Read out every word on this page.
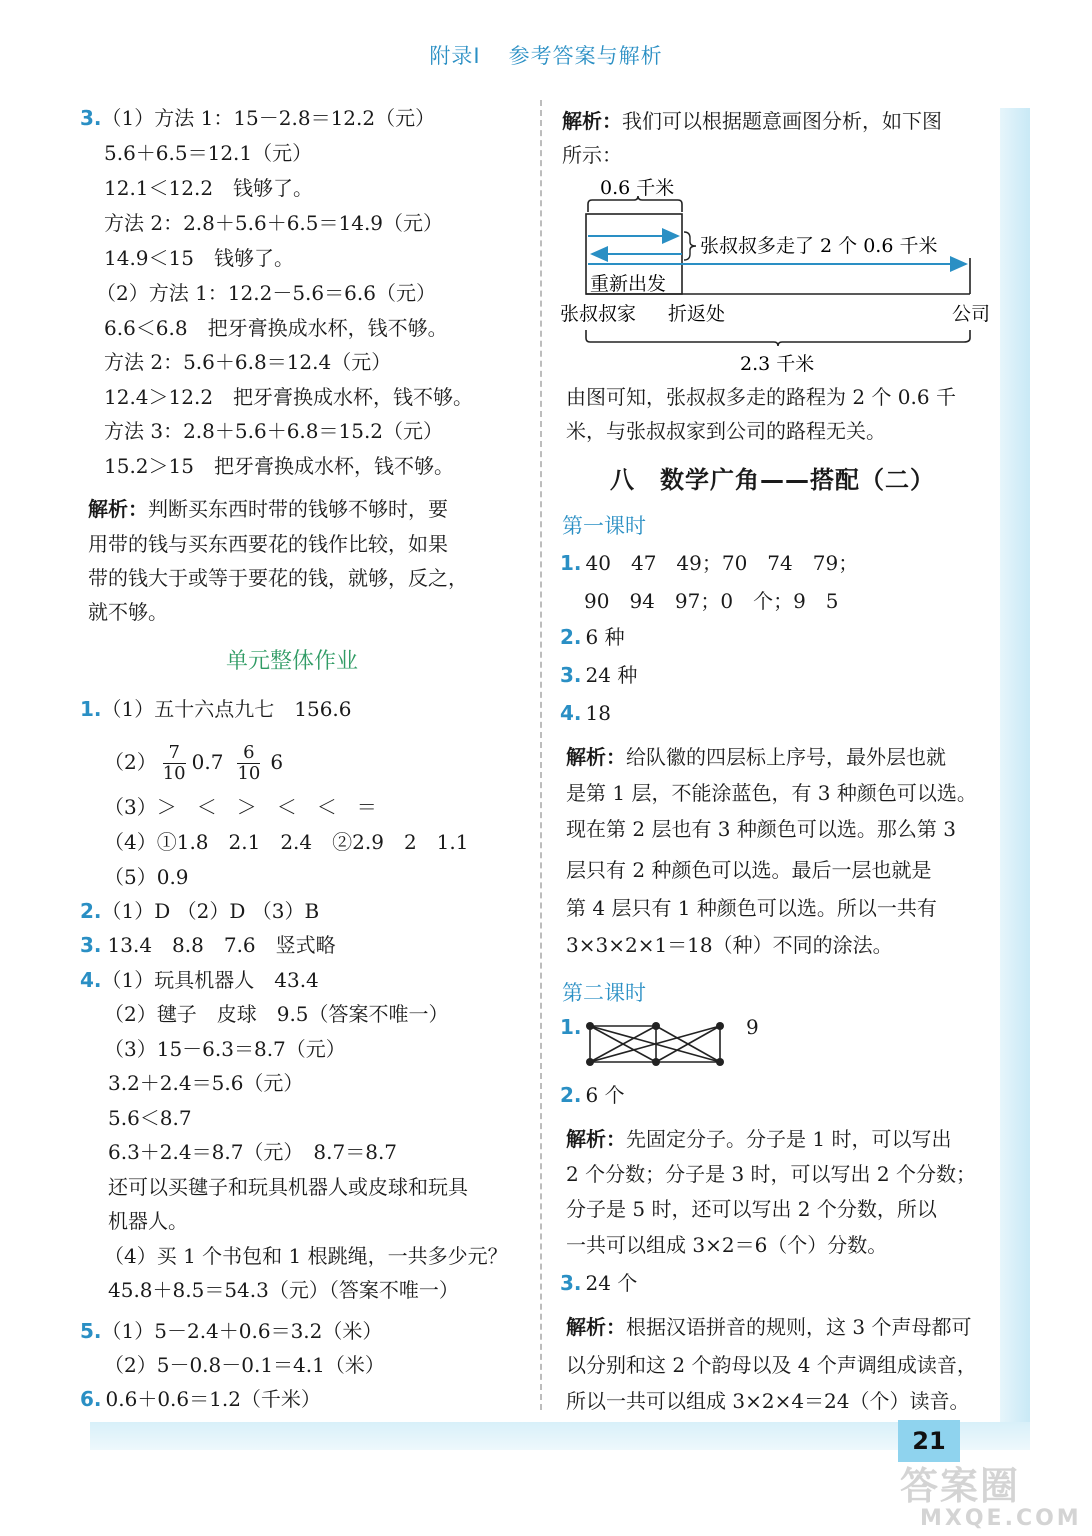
附录Ⅰ 参考答案与解析
3.（1）方法 1：15－2.8＝12.2（元）
5.6＋6.5＝12.1（元）
12.1＜12.2　钱够了。
方法 2：2.8＋5.6＋6.5＝14.9（元）
14.9＜15　钱够了。
（2）方法 1：12.2－5.6＝6.6（元）
6.6＜6.8　把牙膏换成水杯，钱不够。
方法 2：5.6＋6.8＝12.4（元）
12.4＞12.2　把牙膏换成水杯，钱不够。
方法 3：2.8＋5.6＋6.8＝15.2（元）
15.2＞15　把牙膏换成水杯，钱不够。
解析：判断买东西时带的钱够不够时，要
用带的钱与买东西要花的钱作比较，如果
带的钱大于或等于要花的钱，就够，反之，
就不够。
单元整体作业
1.（1）五十六点九七　156.6
$(2) \frac{7}{10} 0.7 \frac{6}{10} 6$
（3）＞　＜　＞　＜　＜　＝
（4）①1.8　2.1　2.4　②2.9　2　1.1
（5）0.9
2.（1）D （2）D （3）B
3. 13.4　8.8　7.6　竖式略
4.（1）玩具机器人　43.4
（2）毽子　皮球　9.5（答案不唯一）
（3）15－6.3＝8.7（元）
3.2＋2.4＝5.6（元）
5.6＜8.7
6.3＋2.4＝8.7（元）　8.7＝8.7
还可以买毽子和玩具机器人或皮球和玩具
机器人。
（4）买 1 个书包和 1 根跳绳，一共多少元？
45.8＋8.5＝54.3（元）（答案不唯一）
5.（1）5－2.4＋0.6＝3.2（米）
（2）5－0.8－0.1＝4.1（米）
6. 0.6＋0.6＝1.2（千米）
解析：我们可以根据题意画图分析，如下图
所示：
0.6 千米
张叔叔多走了 2 个 0.6 千米
重新出发
张叔叔家 折返处	公司
2.3 千米
由图可知，张叔叔多走的路程为 2 个 0.6 千
米，与张叔叔家到公司的路程无关。
八　数学广角——搭配（二）
第一课时
1. 40　47　49；70　74　79；
90　94　97；0　个；9　5
2. 6 种
3. 24 种
4. 18
解析：给队徽的四层标上序号，最外层也就
是第 1 层，不能涂蓝色，有 3 种颜色可以选。
现在第 2 层也有 3 种颜色可以选。那么第 3
层只有 2 种颜色可以选。最后一层也就是
第 4 层只有 1 种颜色可以选。所以一共有
3×3×2×1＝18（种）不同的涂法。
第二课时
1.	9
2. 6 个
解析：先固定分子。分子是 1 时，可以写出
2 个分数；分子是 3 时，可以写出 2 个分数；
分子是 5 时，还可以写出 2 个分数，所以
一共可以组成 3×2＝6（个）分数。
3. 24 个
解析：根据汉语拼音的规则，这 3 个声母都可
以分别和这 2 个韵母以及 4 个声调组成读音，
所以一共可以组成 3×2×4＝24（个）读音。
21
答案圈
MXQE.COM
